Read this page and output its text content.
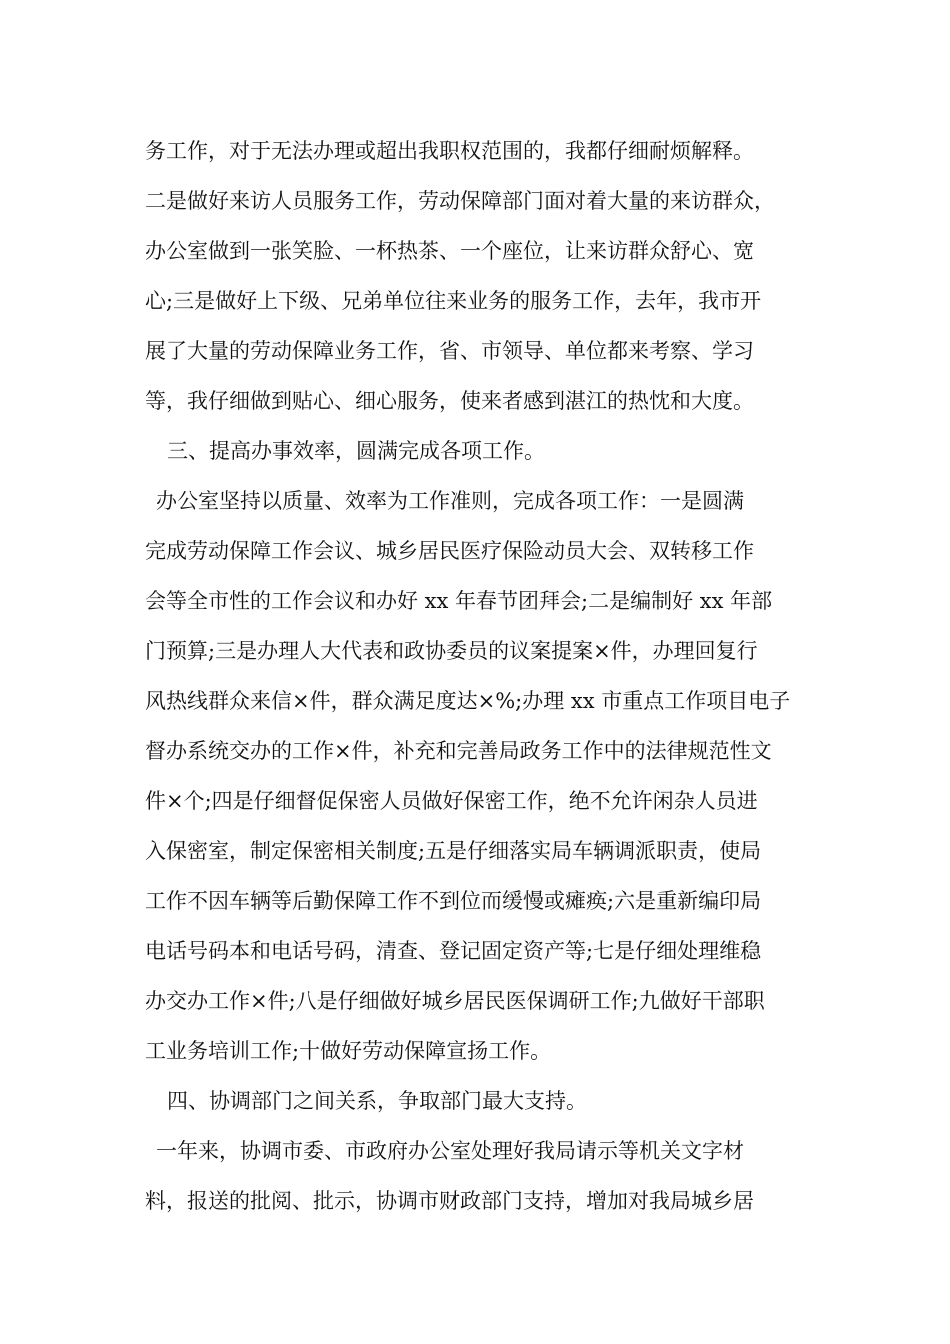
务工作，对于无法办理或超出我职权范围的，我都仔细耐烦解释。
二是做好来访人员服务工作，劳动保障部门面对着大量的来访群众，
办公室做到一张笑脸、一杯热茶、一个座位，让来访群众舒心、宽
心;三是做好上下级、兄弟单位往来业务的服务工作，去年，我市开
展了大量的劳动保障业务工作，省、市领导、单位都来考察、学习
等，我仔细做到贴心、细心服务，使来者感到湛江的热忱和大度。
三、提高办事效率，圆满完成各项工作。
办公室坚持以质量、效率为工作准则，完成各项工作：一是圆满
完成劳动保障工作会议、城乡居民医疗保险动员大会、双转移工作
会等全市性的工作会议和办好 xx 年春节团拜会;二是编制好 xx 年部
门预算;三是办理人大代表和政协委员的议案提案×件，办理回复行
风热线群众来信×件，群众满足度达×%;办理 xx 市重点工作项目电子
督办系统交办的工作×件，补充和完善局政务工作中的法律规范性文
件×个;四是仔细督促保密人员做好保密工作，绝不允许闲杂人员进
入保密室，制定保密相关制度;五是仔细落实局车辆调派职责，使局
工作不因车辆等后勤保障工作不到位而缓慢或瘫痪;六是重新编印局
电话号码本和电话号码，清查、登记固定资产等;七是仔细处理维稳
办交办工作×件;八是仔细做好城乡居民医保调研工作;九做好干部职
工业务培训工作;十做好劳动保障宣扬工作。
四、协调部门之间关系，争取部门最大支持。
一年来，协调市委、市政府办公室处理好我局请示等机关文字材
料，报送的批阅、批示，协调市财政部门支持，增加对我局城乡居
